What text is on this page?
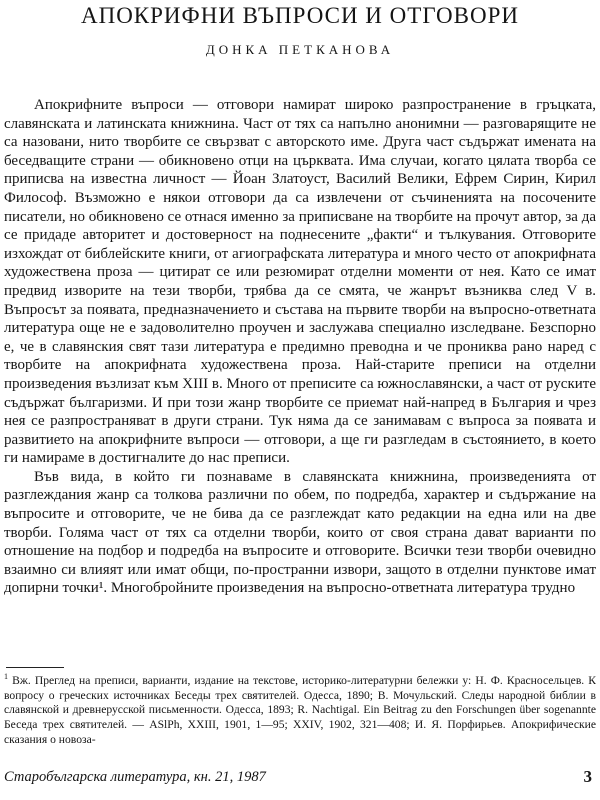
АПОКРИФНИ ВЪПРОСИ И ОТГОВОРИ
ДОНКА ПЕТКАНОВА

Апокрифните въпроси — отговори намират широко разпространение в гръцката, славянската и латинската книжнина. Част от тях са напълно анонимни — разговарящите не са назовани, нито творбите се свързват с авторското име. Друга част съдържат имената на беседващите страни — обикновено отци на църквата. Има случаи, когато цялата творба се приписва на известна личност — Йоан Златоуст, Василий Велики, Ефрем Сирин, Кирил Философ. Възможно е някои отговори да са извлечени от съчиненията на посочените писатели, но обикновено се отнася именно за приписване на творбите на прочут автор, за да се придаде авторитет и достоверност на поднесените „факти“ и тълкувания. Отговорите изхождат от библейските книги, от агиографската литература и много често от апокрифната художествена проза — цитират се или резюмират отделни моменти от нея. Като се имат предвид изворите на тези творби, трябва да се смята, че жанрът възниква след V в. Въпросът за появата, предназначението и състава на първите творби на въпросно-ответната литература още не е задоволително проучен и заслужава специално изследване. Безспорно е, че в славянския свят тази литература е предимно преводна и че прониква рано наред с творбите на апокрифната художествена проза. Най-старите преписи на отделни произведения възлизат към XIII в. Много от преписите са южнославянски, а част от руските съдържат българизми. И при този жанр творбите се приемат най-напред в България и чрез нея се разпространяват в други страни. Тук няма да се занимавам с въпроса за появата и развитието на апокрифните въпроси — отговори, а ще ги разгледам в състоянието, в което ги намираме в достигналите до нас преписи.

Във вида, в който ги познаваме в славянската книжнина, произведенията от разглеждания жанр са толкова различни по обем, по подредба, характер и съдържание на въпросите и отговорите, че не бива да се разглеждат като редакции на една или на две творби. Голяма част от тях са отделни творби, които от своя страна дават варианти по отношение на подбор и подредба на въпросите и отговорите. Всички тези творби очевидно взаимно си влияят или имат общи, по-пространни извори, защото в отделни пунктове имат допирни точки¹. Многобройните произведения на въпросно-ответната литература трудно

$^1$ Вж. Преглед на преписи, варианти, издание на текстове, историко-литературни бележки у: Н. Ф. Красносельцев. К вопросу о греческих источниках Беседы трех святителей. Одесса, 1890; В. Мочульский. Следы народной библии в славянской и древнерусской письменности. Одесса, 1893; R. Nachtigal. Ein Beitrag zu den Forschungen über sogenannte Беседа трех святителей. — ASlPh, XXIII, 1901, 1—95; XXIV, 1902, 321—408; И. Я. Порфирьев. Апокрифические сказания о новоза-
Старобългарска литература, кн. 21, 1987	3
